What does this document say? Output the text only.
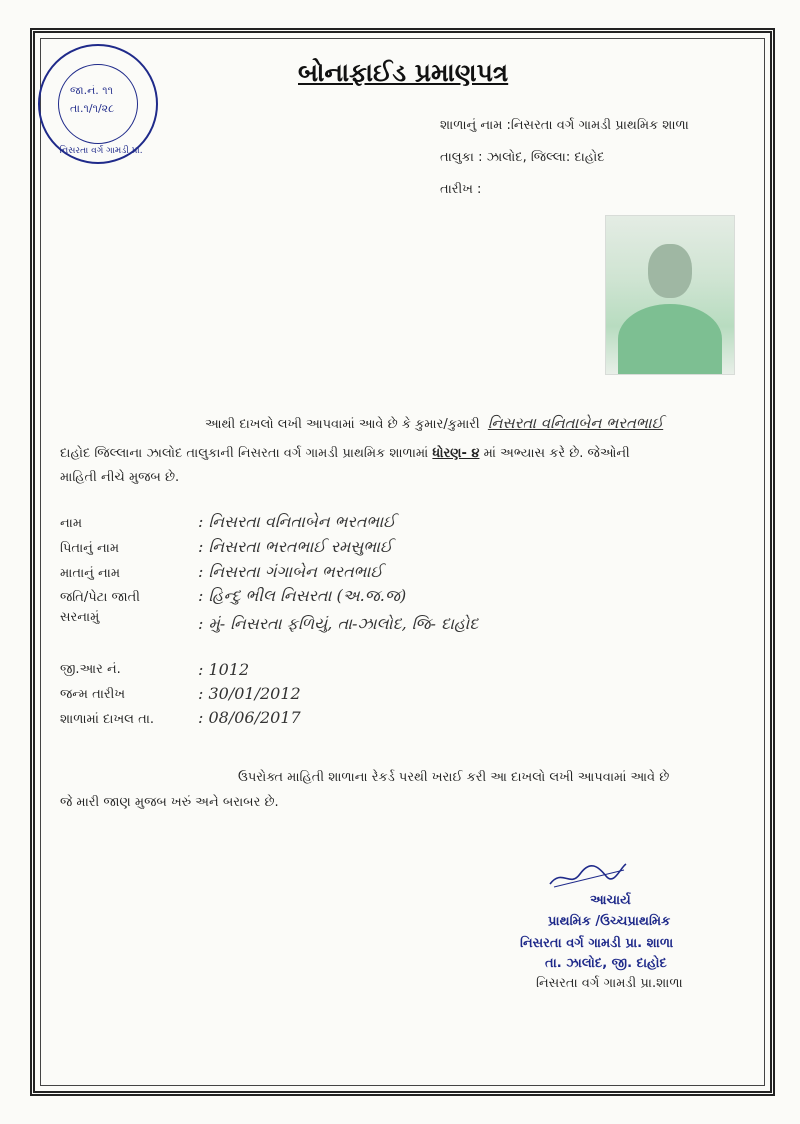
જા.નં. ૧૧
તા.૧/૧/૨૮
નિસરતા વર્ગ ગામડી પ્રા.
બોનાફાઈડ પ્રમાણપત્ર
શાળાનું નામ :નિસરતા વર્ગ ગામડી પ્રાથમિક શાળા
તાલુકા : ઝાલોદ, જિલ્લા: દાહોદ
તારીખ :
આથી દાખલો લખી આપવામાં આવે છે કે કુમાર/કુમારી નિસરતા વનિતાબેન ભરતભાઈ
દાહોદ જિલ્લાના ઝાલોદ તાલુકાની નિસરતા વર્ગ ગામડી પ્રાથમિક શાળામાં ધોરણ- ૪ માં અભ્યાસ કરે છે. જેઓની
માહિતી નીચે મુજબ છે.
નામ	: નિસરતા વનિતાબેન ભરતભાઈ
પિતાનું નામ	: નિસરતા ભરતભાઈ રમસુભાઈ
માતાનું નામ	: નિસરતા ગંગાબેન ભરતભાઈ
જતિ/પેટા જાતી	: હિન્દુ ભીલ નિસરતા (અ.જ.જ)
સરનામું	: મું- નિસરતા ફળિયું, તા-ઝાલોદ, જિ- દાહોદ
જી.આર નં.	: 1012
જન્મ તારીખ	: 30/01/2012
શાળામાં દાખલ તા.	: 08/06/2017
ઉપરોક્ત માહિતી શાળાના રેકર્ડ પરથી ખરાઈ કરી આ દાખલો લખી આપવામાં આવે છે
જે મારી જાણ મુજબ ખરું અને બરાબર છે.
આચાર્ય
પ્રાથમિક /ઉચ્ચપ્રાથમિક
નિસરતા વર્ગ ગામડી પ્રા. શાળા
તા. ઝાલોદ, જી. દાહોદ
નિસરતા વર્ગ ગામડી પ્રા.શાળા
